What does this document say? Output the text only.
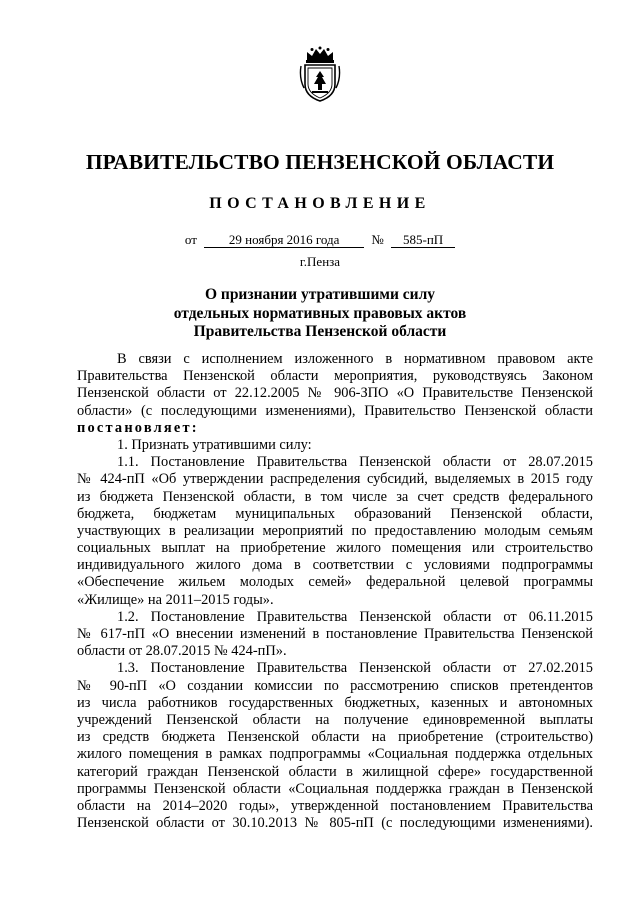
ПРАВИТЕЛЬСТВО ПЕНЗЕНСКОЙ ОБЛАСТИ
ПОСТАНОВЛЕНИЕ
от 29 ноября 2016 года № 585-пП
г.Пенза
О признании утратившими силу
отдельных нормативных правовых актов
Правительства Пензенской области
В связи с исполнением изложенного в нормативном правовом акте
Правительства Пензенской области мероприятия, руководствуясь Законом
Пензенской области от 22.12.2005 № 906-ЗПО «О Правительстве Пензенской
области» (с последующими изменениями), Правительство Пензенской области
постановляет:
1. Признать утратившими силу:
1.1. Постановление Правительства Пензенской области от 28.07.2015
№ 424-пП «Об утверждении распределения субсидий, выделяемых в 2015 году
из бюджета Пензенской области, в том числе за счет средств федерального
бюджета, бюджетам муниципальных образований Пензенской области,
участвующих в реализации мероприятий по предоставлению молодым семьям
социальных выплат на приобретение жилого помещения или строительство
индивидуального жилого дома в соответствии с условиями подпрограммы
«Обеспечение жильем молодых семей» федеральной целевой программы
«Жилище» на 2011–2015 годы».
1.2. Постановление Правительства Пензенской области от 06.11.2015
№ 617-пП «О внесении изменений в постановление Правительства Пензенской
области от 28.07.2015 № 424-пП».
1.3. Постановление Правительства Пензенской области от 27.02.2015
№ 90-пП «О создании комиссии по рассмотрению списков претендентов
из числа работников государственных бюджетных, казенных и автономных
учреждений Пензенской области на получение единовременной выплаты
из средств бюджета Пензенской области на приобретение (строительство)
жилого помещения в рамках подпрограммы «Социальная поддержка отдельных
категорий граждан Пензенской области в жилищной сфере» государственной
программы Пензенской области «Социальная поддержка граждан в Пензенской
области на 2014–2020 годы», утвержденной постановлением Правительства
Пензенской области от 30.10.2013 № 805-пП (с последующими изменениями).
